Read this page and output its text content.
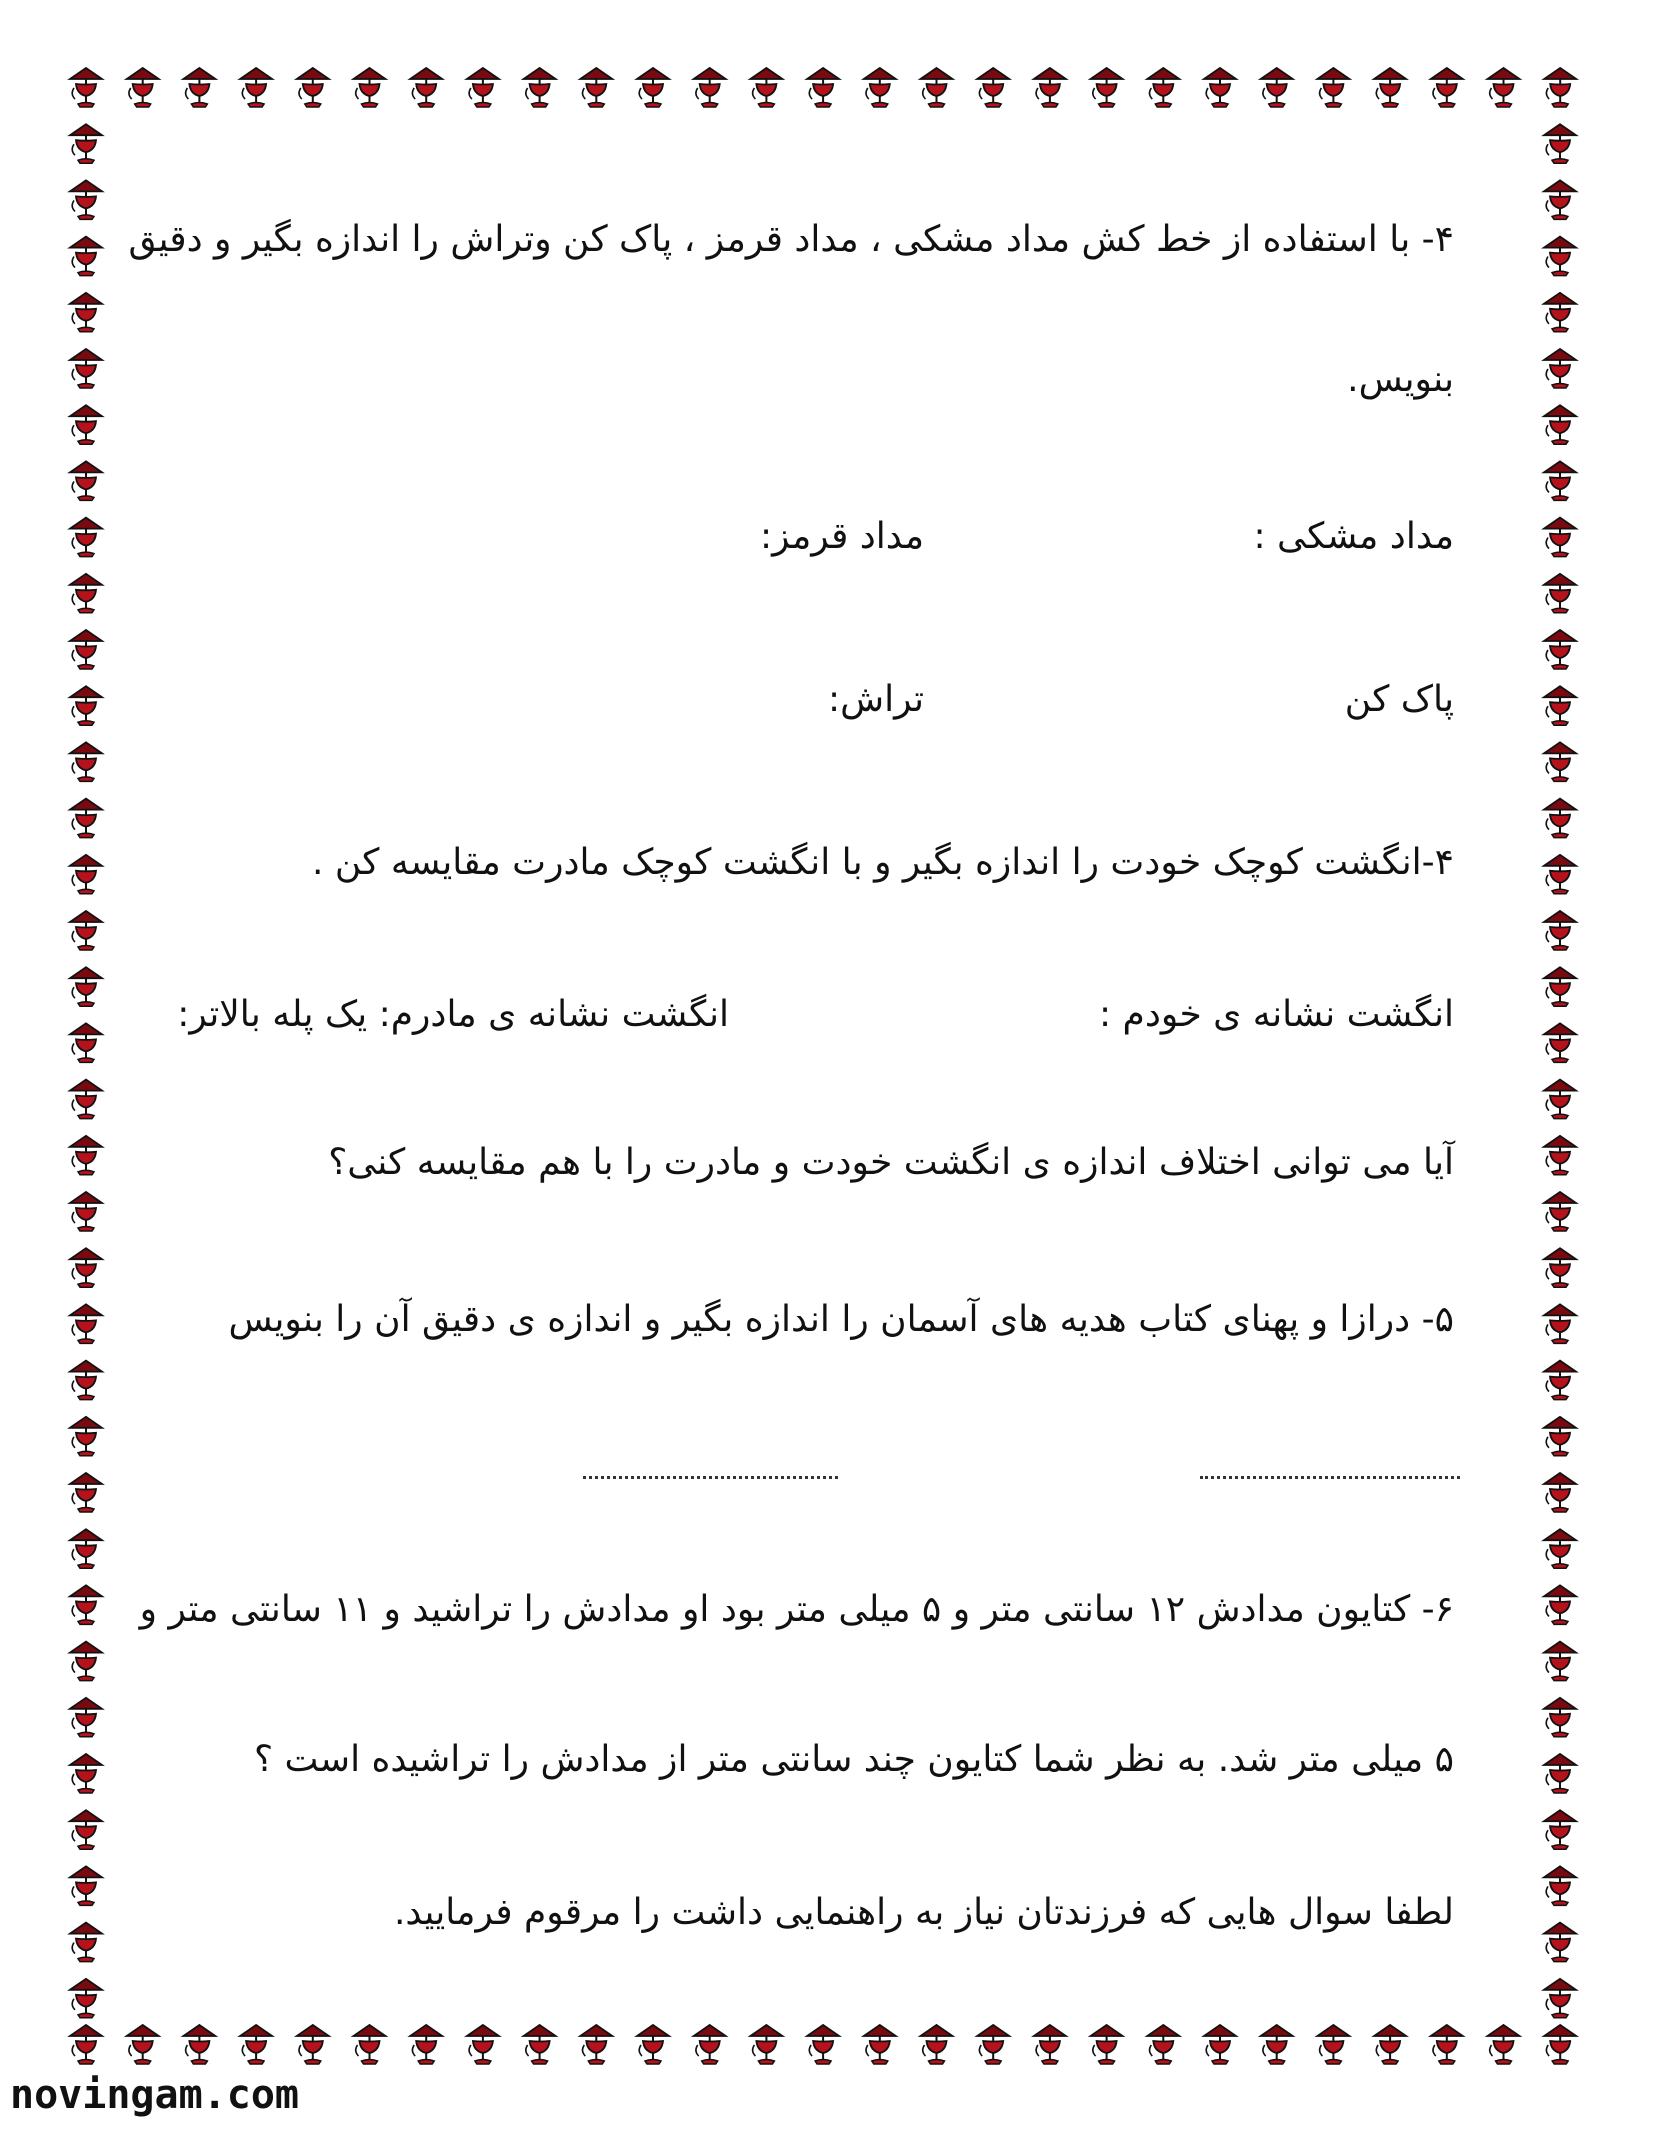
۴- با استفاده از خط کش مداد مشکی ، مداد قرمز ، پاک کن وتراش را اندازه بگیر و دقیق
بنویس.
مداد مشکی :
مداد قرمز:
پاک کن
تراش:
۴-انگشت کوچک خودت را اندازه بگیر و با انگشت کوچک مادرت مقایسه کن .
انگشت نشانه ی خودم :
انگشت نشانه ی مادرم: یک پله بالاتر:
آیا می توانی اختلاف اندازه ی انگشت خودت و مادرت را با هم مقایسه کنی؟
۵- درازا و پهنای کتاب هدیه های آسمان را اندازه بگیر و اندازه ی دقیق آن را بنویس
۶- کتایون مدادش ۱۲ سانتی متر و ۵ میلی متر بود او مدادش را تراشید و ۱۱ سانتی متر و
۵ میلی متر شد. به نظر شما کتایون چند سانتی متر از مدادش را تراشیده است ؟
لطفا سوال هایی که فرزندتان نیاز به راهنمایی داشت را مرقوم فرمایید.
novingam.com
